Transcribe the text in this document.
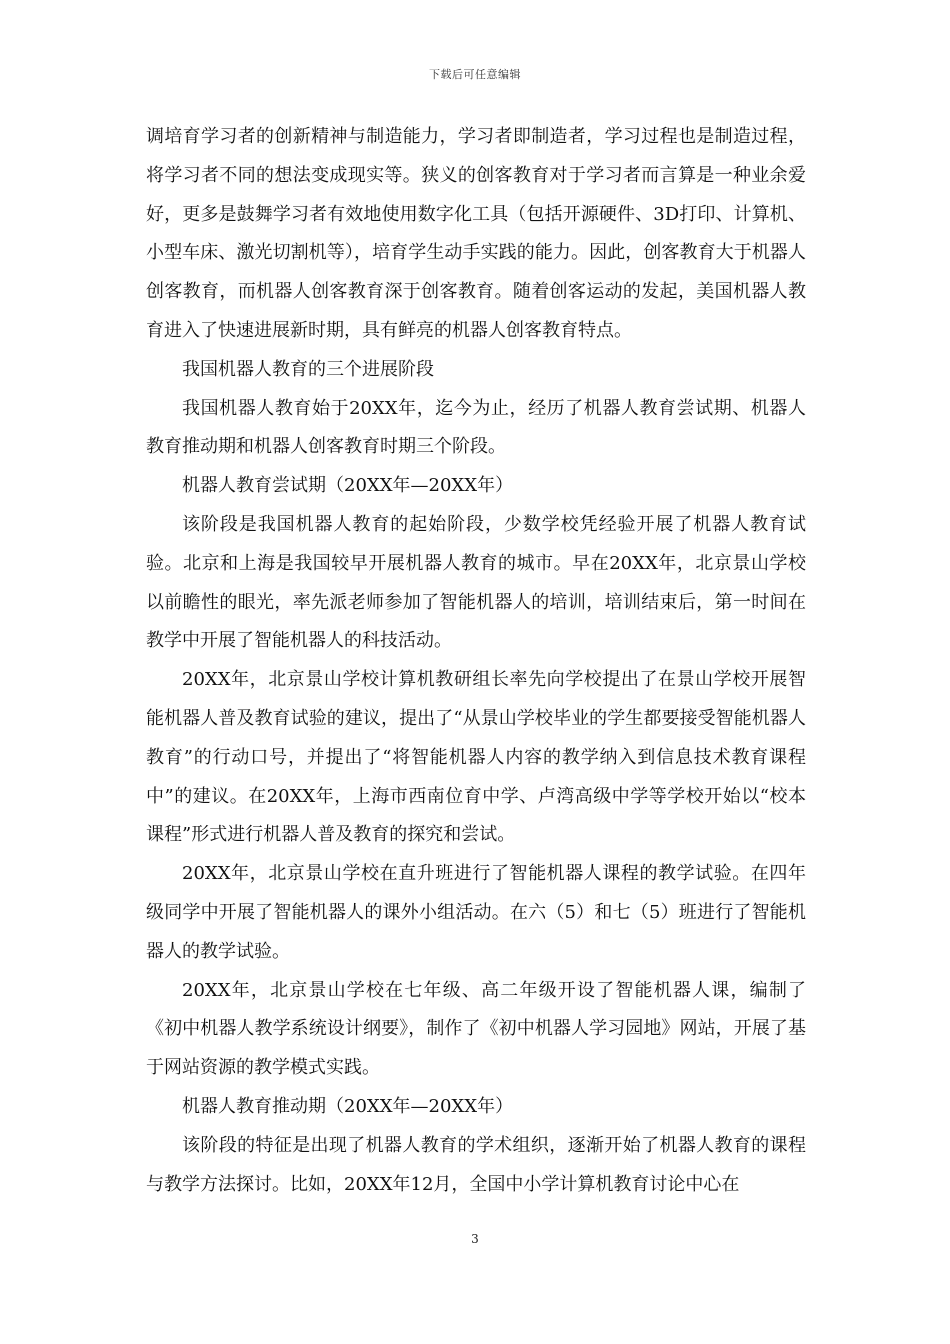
下载后可任意编辑

调培育学习者的创新精神与制造能力，学习者即制造者，学习过程也是制造过程，将学习者不同的想法变成现实等。狭义的创客教育对于学习者而言算是一种业余爱好，更多是鼓舞学习者有效地使用数字化工具（包括开源硬件、3D打印、计算机、小型车床、激光切割机等），培育学生动手实践的能力。因此，创客教育大于机器人创客教育，而机器人创客教育深于创客教育。随着创客运动的发起，美国机器人教育进入了快速进展新时期，具有鲜亮的机器人创客教育特点。

我国机器人教育的三个进展阶段

我国机器人教育始于20XX年，迄今为止，经历了机器人教育尝试期、机器人教育推动期和机器人创客教育时期三个阶段。

机器人教育尝试期（20XX年—20XX年）

该阶段是我国机器人教育的起始阶段，少数学校凭经验开展了机器人教育试验。北京和上海是我国较早开展机器人教育的城市。早在20XX年，北京景山学校以前瞻性的眼光，率先派老师参加了智能机器人的培训，培训结束后，第一时间在教学中开展了智能机器人的科技活动。

20XX年，北京景山学校计算机教研组长率先向学校提出了在景山学校开展智能机器人普及教育试验的建议，提出了“从景山学校毕业的学生都要接受智能机器人教育”的行动口号，并提出了“将智能机器人内容的教学纳入到信息技术教育课程中”的建议。在20XX年，上海市西南位育中学、卢湾高级中学等学校开始以“校本课程”形式进行机器人普及教育的探究和尝试。

20XX年，北京景山学校在直升班进行了智能机器人课程的教学试验。在四年级同学中开展了智能机器人的课外小组活动。在六（5）和七（5）班进行了智能机器人的教学试验。

20XX年，北京景山学校在七年级、高二年级开设了智能机器人课，编制了《初中机器人教学系统设计纲要》，制作了《初中机器人学习园地》网站，开展了基于网站资源的教学模式实践。

机器人教育推动期（20XX年—20XX年）

该阶段的特征是出现了机器人教育的学术组织，逐渐开始了机器人教育的课程与教学方法探讨。比如，20XX年12月，全国中小学计算机教育讨论中心在

3
